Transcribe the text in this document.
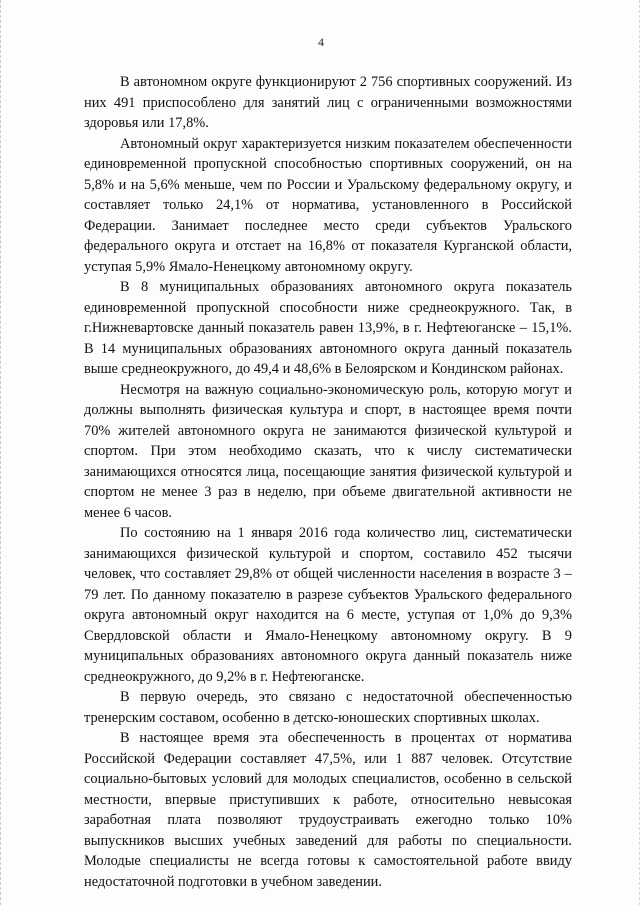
4

В автономном округе функционируют 2 756 спортивных сооружений. Из них 491 приспособлено для занятий лиц с ограниченными возможностями здоровья или 17,8%.

Автономный округ характеризуется низким показателем обеспеченности единовременной пропускной способностью спортивных сооружений, он на 5,8% и на 5,6% меньше, чем по России и Уральскому федеральному округу, и составляет только 24,1% от норматива, установленного в Российской Федерации. Занимает последнее место среди субъектов Уральского федерального округа и отстает на 16,8% от показателя Курганской области, уступая 5,9% Ямало-Ненецкому автономному округу.

В 8 муниципальных образованиях автономного округа показатель единовременной пропускной способности ниже среднеокружного. Так, в г.Нижневартовске данный показатель равен 13,9%, в г. Нефтеюганске – 15,1%. В 14 муниципальных образованиях автономного округа данный показатель выше среднеокружного, до 49,4 и 48,6% в Белоярском и Кондинском районах.

Несмотря на важную социально-экономическую роль, которую могут и должны выполнять физическая культура и спорт, в настоящее время почти 70% жителей автономного округа не занимаются физической культурой и спортом. При этом необходимо сказать, что к числу систематически занимающихся относятся лица, посещающие занятия физической культурой и спортом не менее 3 раз в неделю, при объеме двигательной активности не менее 6 часов.

По состоянию на 1 января 2016 года количество лиц, систематически занимающихся физической культурой и спортом, составило 452 тысячи человек, что составляет 29,8% от общей численности населения в возрасте 3 – 79 лет. По данному показателю в разрезе субъектов Уральского федерального округа автономный округ находится на 6 месте, уступая от 1,0% до 9,3% Свердловской области и Ямало-Ненецкому автономному округу. В 9 муниципальных образованиях автономного округа данный показатель ниже среднеокружного, до 9,2% в г. Нефтеюганске.

В первую очередь, это связано с недостаточной обеспеченностью тренерским составом, особенно в детско-юношеских спортивных школах.

В настоящее время эта обеспеченность в процентах от норматива Российской Федерации составляет 47,5%, или 1 887 человек. Отсутствие социально-бытовых условий для молодых специалистов, особенно в сельской местности, впервые приступивших к работе, относительно невысокая заработная плата позволяют трудоустраивать ежегодно только 10% выпускников высших учебных заведений для работы по специальности. Молодые специалисты не всегда готовы к самостоятельной работе ввиду недостаточной подготовки в учебном заведении.
